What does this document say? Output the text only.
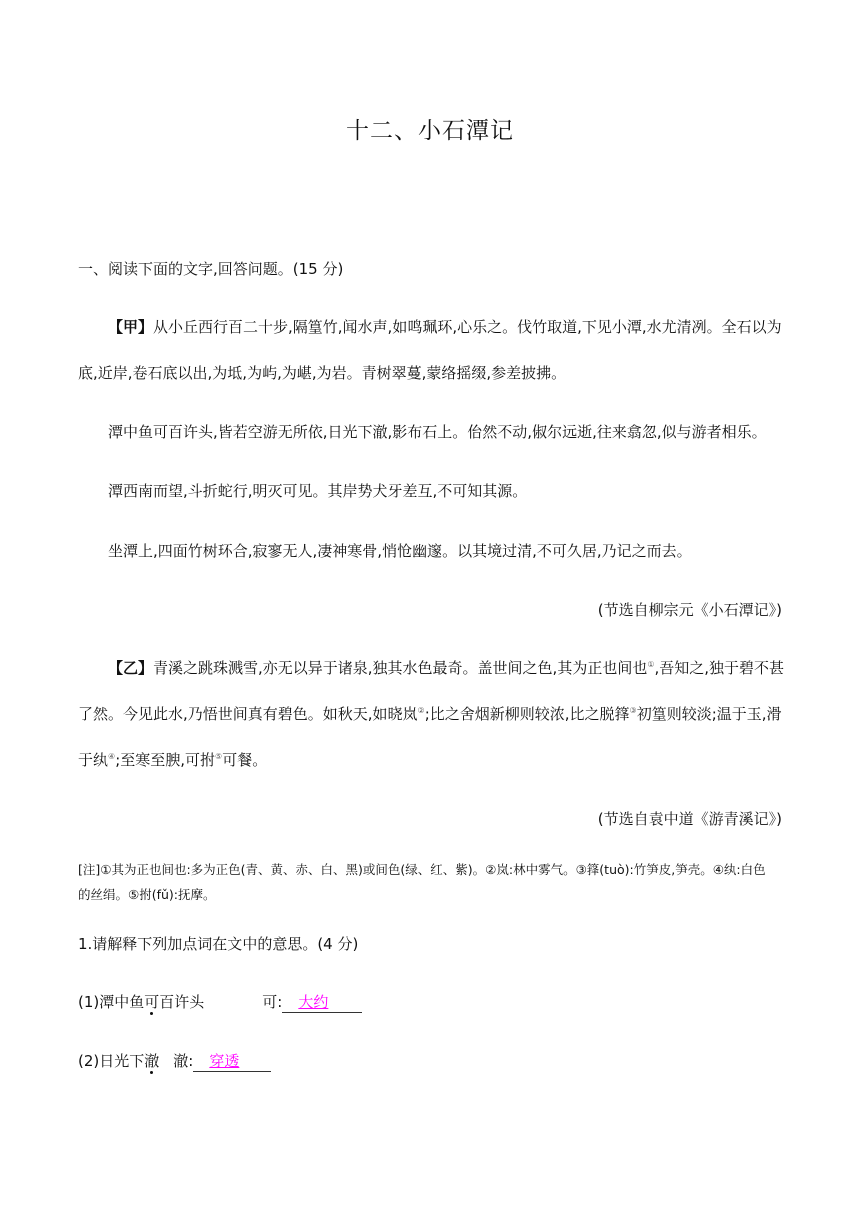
十二、小石潭记
一、阅读下面的文字,回答问题。(15 分)
【甲】从小丘西行百二十步,隔篁竹,闻水声,如鸣珮环,心乐之。伐竹取道,下见小潭,水尤清冽。全石以为
底,近岸,卷石底以出,为坻,为屿,为嵁,为岩。青树翠蔓,蒙络摇缀,参差披拂。
潭中鱼可百许头,皆若空游无所依,日光下澈,影布石上。佁然不动,俶尔远逝,往来翕忽,似与游者相乐。
潭西南而望,斗折蛇行,明灭可见。其岸势犬牙差互,不可知其源。
坐潭上,四面竹树环合,寂寥无人,凄神寒骨,悄怆幽邃。以其境过清,不可久居,乃记之而去。
(节选自柳宗元《小石潭记》)
【乙】青溪之跳珠溅雪,亦无以异于诸泉,独其水色最奇。盖世间之色,其为正也间也①,吾知之,独于碧不甚
了然。今见此水,乃悟世间真有碧色。如秋天,如晓岚②;比之舍烟新柳则较浓,比之脱箨③初篁则较淡;温于玉,滑
于纨④;至寒至腴,可拊⑤可餐。
(节选自袁中道《游青溪记》)
[注]①其为正也间也:多为正色(青、黄、赤、白、黑)或间色(绿、红、紫)。②岚:林中雾气。③箨(tuò):竹笋皮,笋壳。④纨:白色
的丝绢。⑤拊(fǔ):抚摩。
1.请解释下列加点词在文中的意思。(4 分)
(1)潭中鱼可百许头	可: 大约
(2)日光下澈 澈: 穿透
